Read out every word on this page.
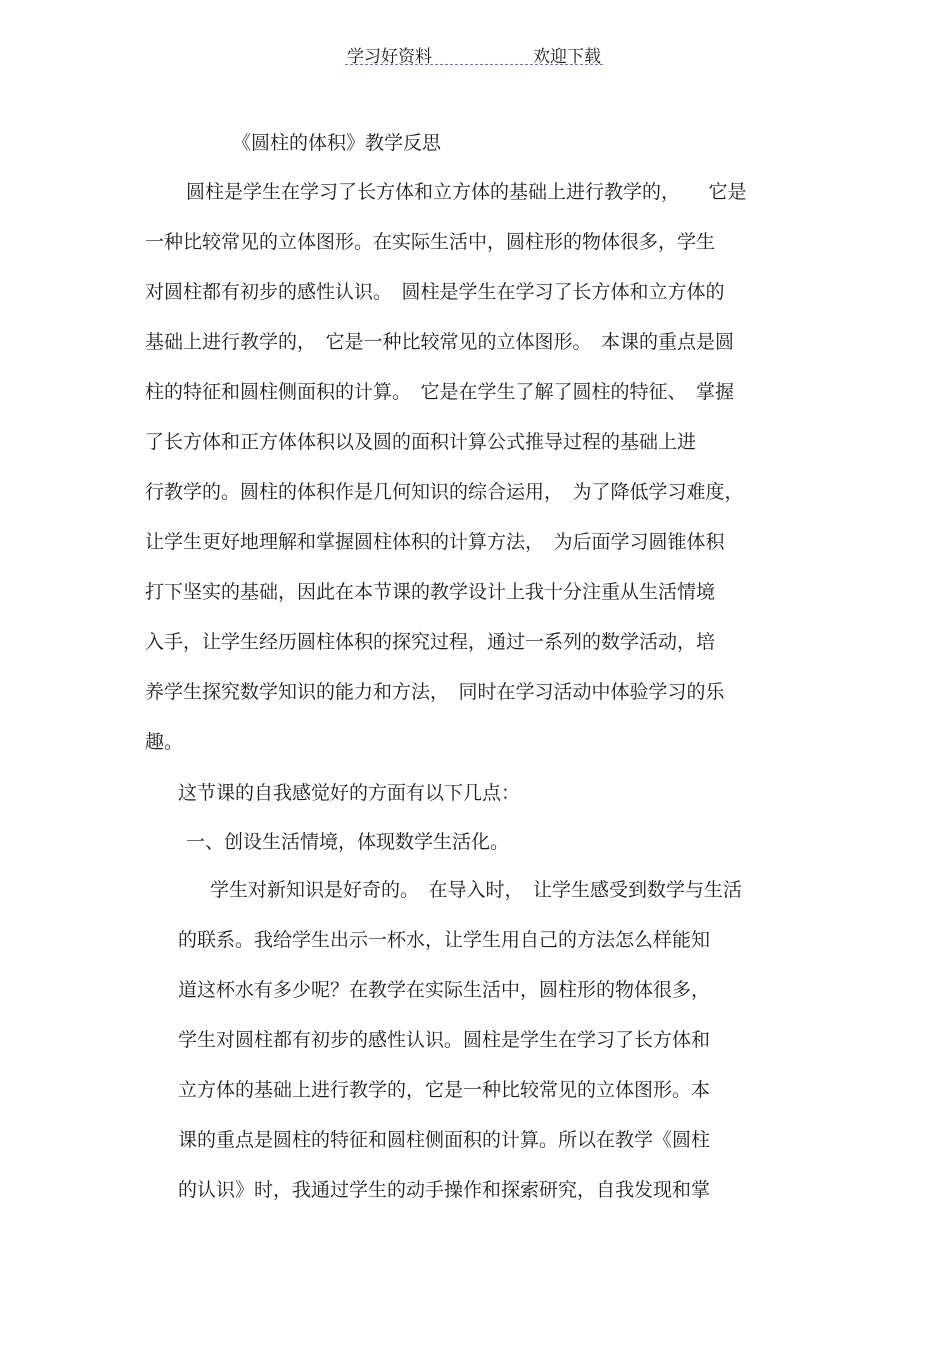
学习好资料	欢迎下载
《圆柱的体积》教学反思
圆柱是学生在学习了长方体和立方体的基础上进行教学的，　　它是
一种比较常见的立体图形。在实际生活中，圆柱形的物体很多，学生
对圆柱都有初步的感性认识。　圆柱是学生在学习了长方体和立方体的
基础上进行教学的，　它是一种比较常见的立体图形。　本课的重点是圆
柱的特征和圆柱侧面积的计算。　它是在学生了解了圆柱的特征、　掌握
了长方体和正方体体积以及圆的面积计算公式推导过程的基础上进
行教学的。圆柱的体积作是几何知识的综合运用，　为了降低学习难度，
让学生更好地理解和掌握圆柱体积的计算方法，　为后面学习圆锥体积
打下坚实的基础，因此在本节课的教学设计上我十分注重从生活情境
入手，让学生经历圆柱体积的探究过程，通过一系列的数学活动，培
养学生探究数学知识的能力和方法，　同时在学习活动中体验学习的乐
趣。
这节课的自我感觉好的方面有以下几点：
一、创设生活情境，体现数学生活化。
学生对新知识是好奇的。　在导入时，　让学生感受到数学与生活
的联系。我给学生出示一杯水，让学生用自己的方法怎么样能知
道这杯水有多少呢？在教学在实际生活中，圆柱形的物体很多，
学生对圆柱都有初步的感性认识。圆柱是学生在学习了长方体和
立方体的基础上进行教学的，它是一种比较常见的立体图形。本
课的重点是圆柱的特征和圆柱侧面积的计算。所以在教学《圆柱
的认识》时，我通过学生的动手操作和探索研究，自我发现和掌
